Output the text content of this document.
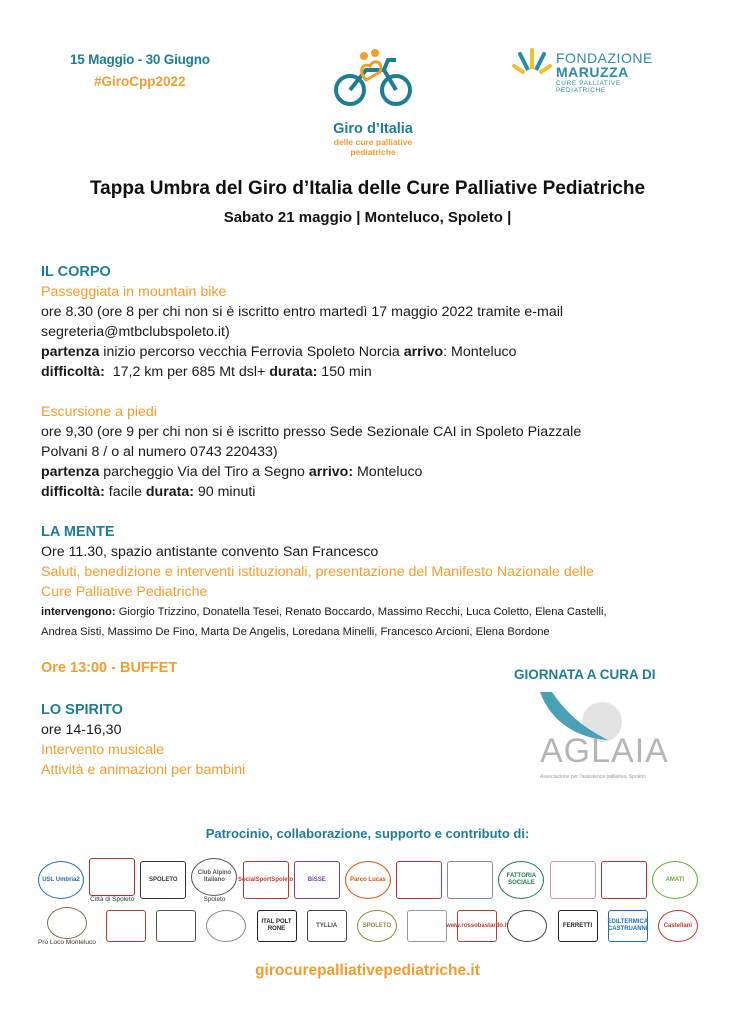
15 Maggio - 30 Giugno
#GiroCpp2022
Giro d’Italia
delle cure palliative
pediatriche
FONDAZIONE
MARUZZA
CURE PALLIATIVE PEDIATRICHE
Tappa Umbra del Giro d’Italia delle Cure Palliative Pediatriche
Sabato 21 maggio | Monteluco, Spoleto |
IL CORPO
Passeggiata in mountain bike
ore 8.30 (ore 8 per chi non si è iscritto entro martedì 17 maggio 2022 tramite e-mail
segreteria@mtbclubspoleto.it)
partenza inizio percorso vecchia Ferrovia Spoleto Norcia arrivo: Monteluco
difficoltà:  17,2 km per 685 Mt dsl+ durata: 150 min
Escursione a piedi
ore 9,30 (ore 9 per chi non si è iscritto presso Sede Sezionale CAI in Spoleto Piazzale
Polvani 8 / o al numero 0743 220433)
partenza parcheggio Via del Tiro a Segno arrivo: Monteluco
difficoltà: facile durata: 90 minuti
LA MENTE
Ore 11.30, spazio antistante convento San Francesco
Saluti, benedizione e interventi istituzionali, presentazione del Manifesto Nazionale delle
Cure Palliative Pediatriche
intervengono: Giorgio Trizzino, Donatella Tesei, Renato Boccardo, Massimo Recchi, Luca Coletto, Elena Castelli,
Andrea Sisti, Massimo De Fino, Marta De Angelis, Loredana Minelli, Francesco Arcioni, Elena Bordone
Ore 13:00 - BUFFET
LO SPIRITO
ore 14-16,30
Intervento musicale
Attività e animazioni per bambini
GIORNATA A CURA DI
AGLAIA
Associazione per l'assistenza palliativa, Spoleto
Patrocinio, collaborazione, supporto e contributo di:
USL Umbria2
Città di Spoleto
SPOLETO
Club Alpino Italiano
Spoleto
SocialSportSpoleto	BiSSE	Parco Lucas
FATTORIA SOCIALE
AMATI
Pro Loco Monteluco
ITAL POLT RONE
TYLLIA	SPOLETO	www.rossobastardo.it	FERRETTI
EDILTERMICA CASTRUANNI
Castellani
girocurepalliativepediatriche.it
